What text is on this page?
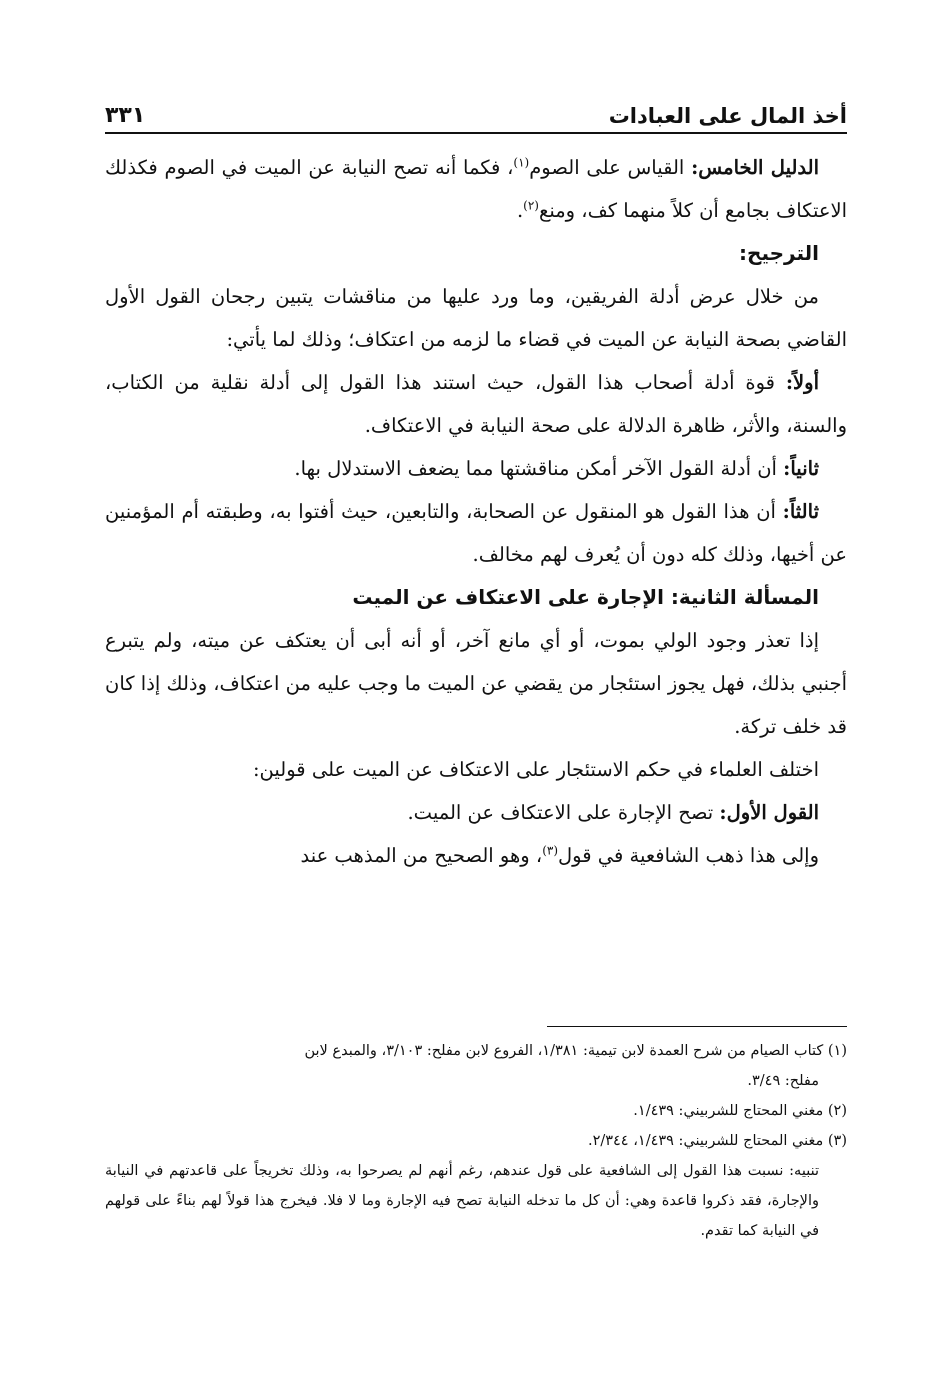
أخذ المال على العبادات
٣٣١

الدليل الخامس: القياس على الصوم$^{(١)}$، فكما أنه تصح النيابة عن الميت في الصوم فكذلك الاعتكاف بجامع أن كلاً منهما كف، ومنع$^{(٢)}$.

الترجيح:

من خلال عرض أدلة الفريقين، وما ورد عليها من مناقشات يتبين رجحان القول الأول القاضي بصحة النيابة عن الميت في قضاء ما لزمه من اعتكاف؛ وذلك لما يأتي:

أولاً: قوة أدلة أصحاب هذا القول، حيث استند هذا القول إلى أدلة نقلية من الكتاب، والسنة، والأثر، ظاهرة الدلالة على صحة النيابة في الاعتكاف.

ثانياً: أن أدلة القول الآخر أمكن مناقشتها مما يضعف الاستدلال بها.

ثالثاً: أن هذا القول هو المنقول عن الصحابة، والتابعين، حيث أفتوا به، وطبقته أم المؤمنين عن أخيها، وذلك كله دون أن يُعرف لهم مخالف.

المسألة الثانية: الإجارة على الاعتكاف عن الميت

إذا تعذر وجود الولي بموت، أو أي مانع آخر، أو أنه أبى أن يعتكف عن ميته، ولم يتبرع أجنبي بذلك، فهل يجوز استئجار من يقضي عن الميت ما وجب عليه من اعتكاف، وذلك إذا كان قد خلف تركة.

اختلف العلماء في حكم الاستئجار على الاعتكاف عن الميت على قولين:

القول الأول: تصح الإجارة على الاعتكاف عن الميت.

وإلى هذا ذهب الشافعية في قول$^{(٣)}$، وهو الصحيح من المذهب عند

(١) كتاب الصيام من شرح العمدة لابن تيمية: ١/٣٨١، الفروع لابن مفلح: ٣/١٠٣، والمبدع لابن

مفلح: ٣/٤٩.

(٢) مغني المحتاج للشربيني: ١/٤٣٩.

(٣) مغني المحتاج للشربيني: ١/٤٣٩، ٢/٣٤٤.

تنبيه: نسبت هذا القول إلى الشافعية على قول عندهم، رغم أنهم لم يصرحوا به، وذلك تخريجاً على قاعدتهم في النيابة والإجارة، فقد ذكروا قاعدة وهي: أن كل ما تدخله النيابة تصح فيه الإجارة وما لا فلا. فيخرج هذا قولاً لهم بناءً على قولهم في النيابة كما تقدم.
